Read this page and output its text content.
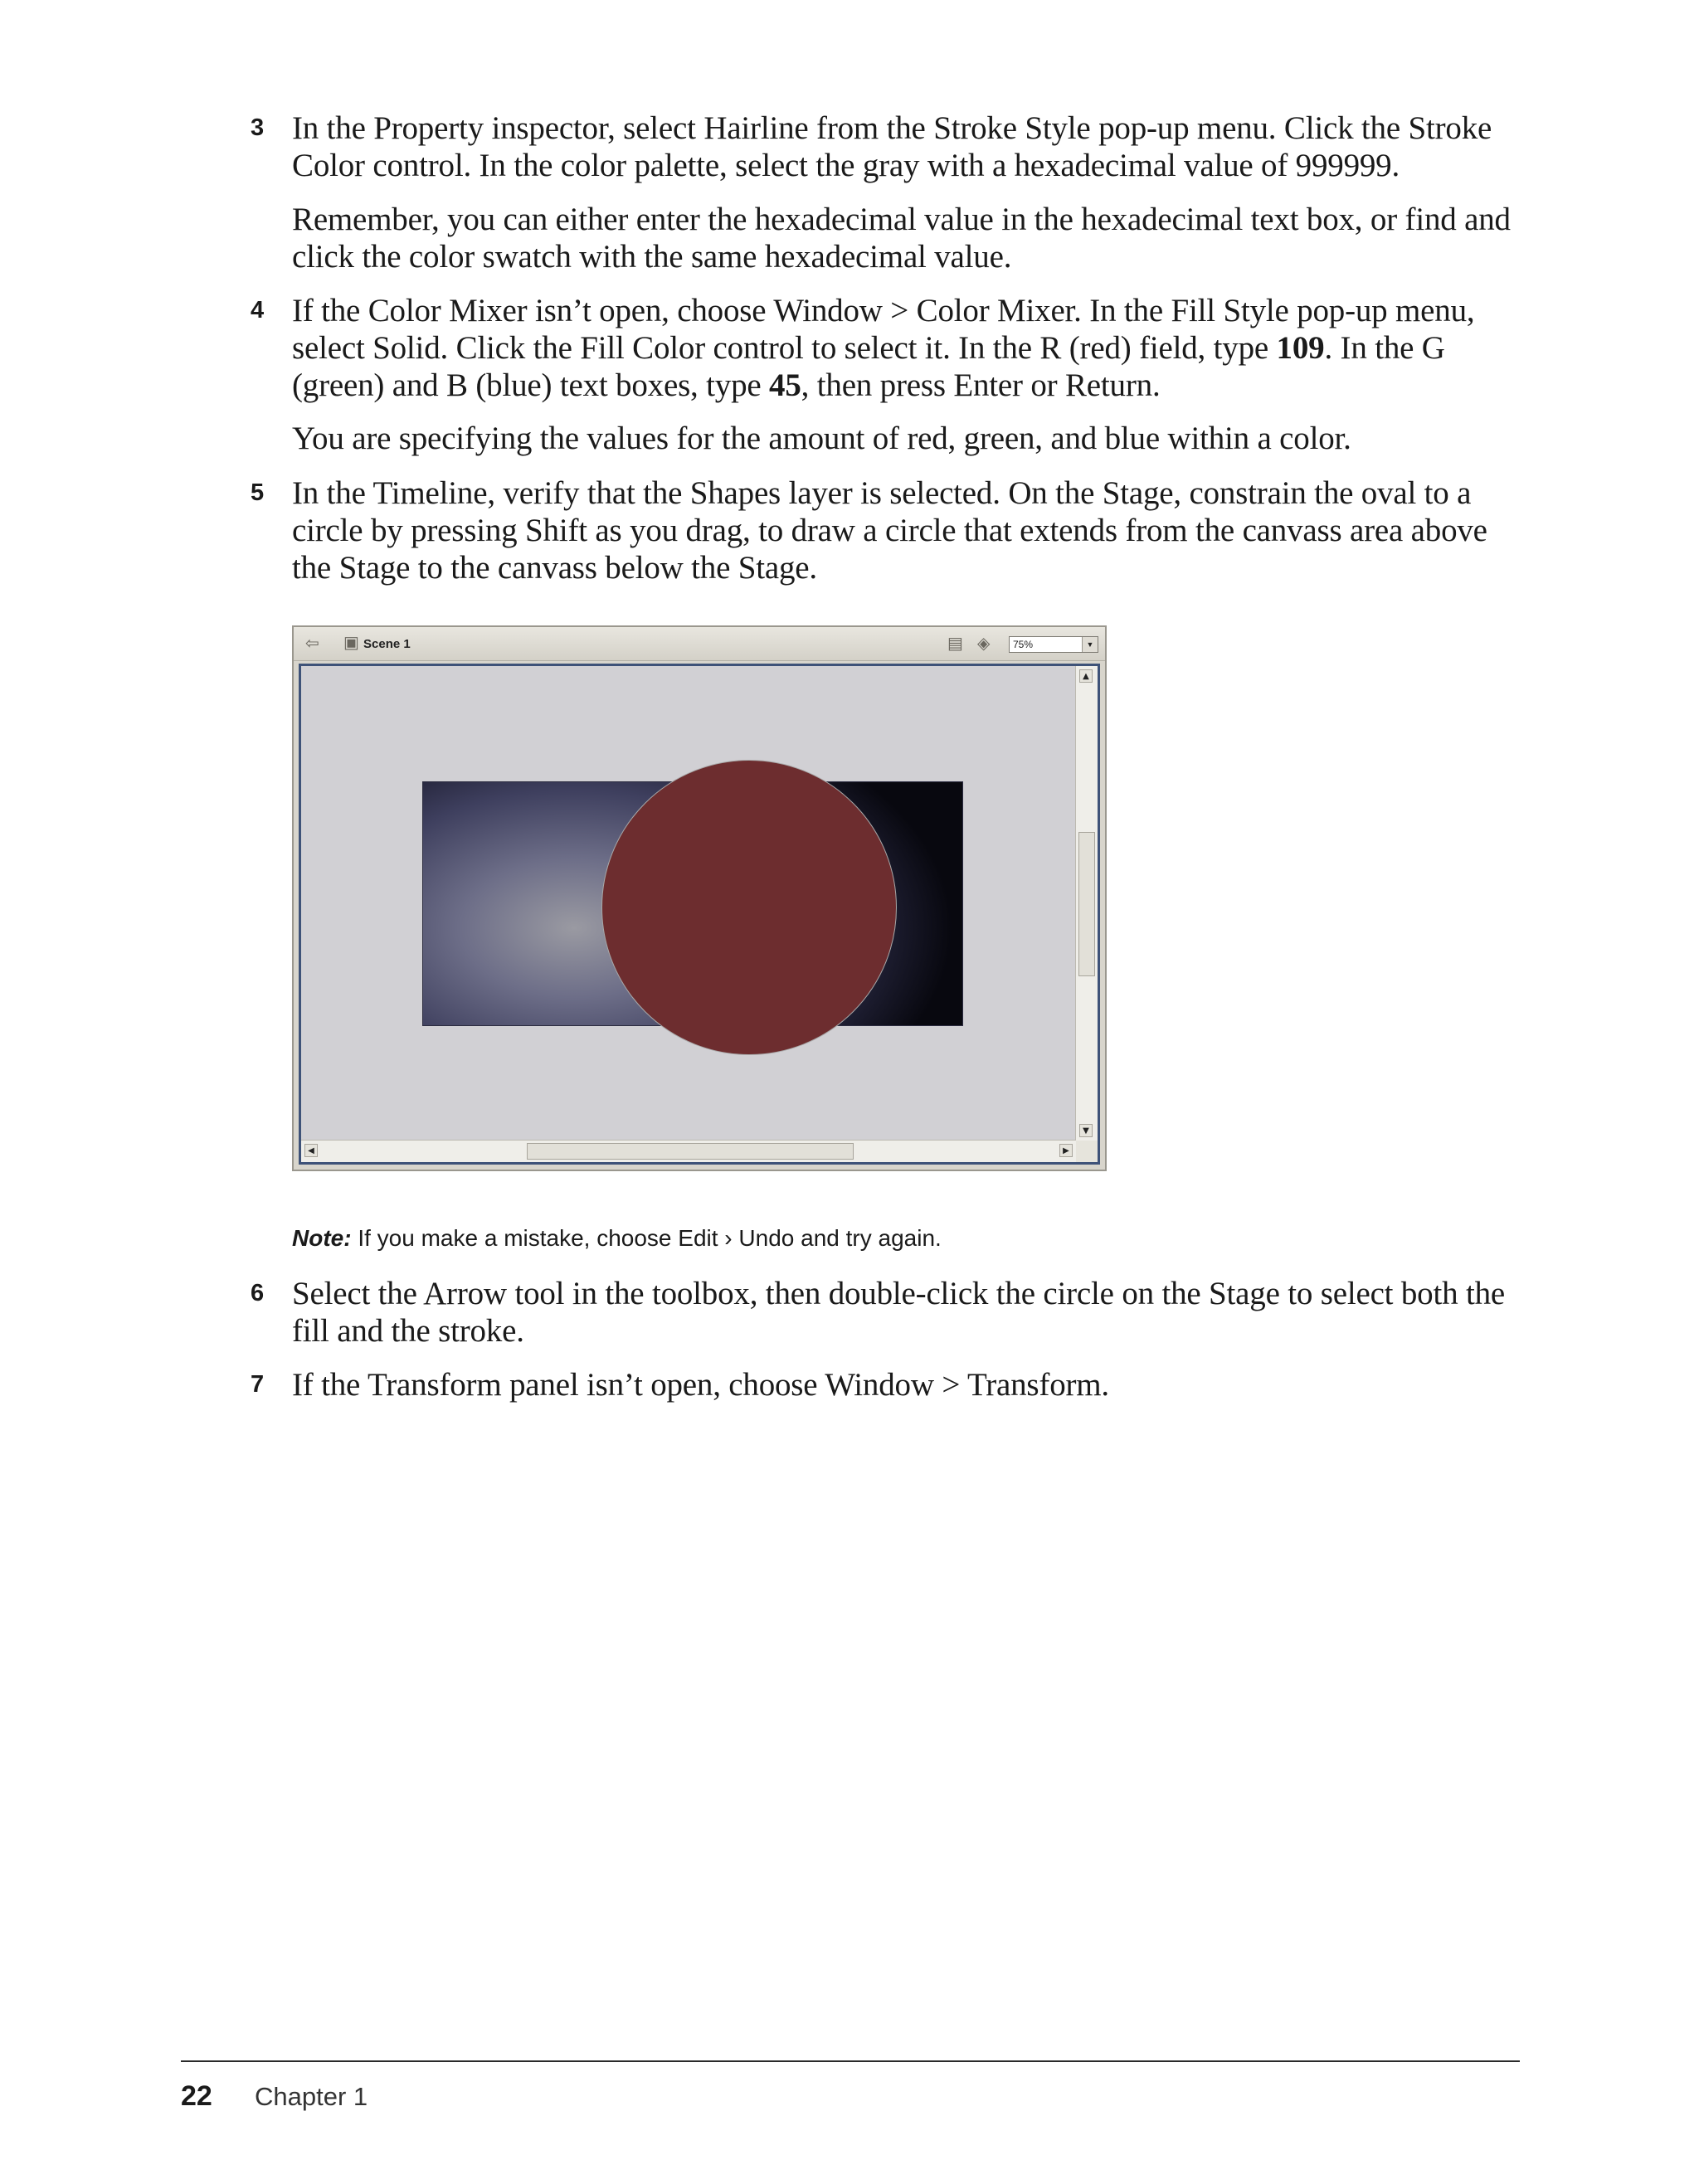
3 In the Property inspector, select Hairline from the Stroke Style pop-up menu. Click the Stroke Color control. In the color palette, select the gray with a hexadecimal value of 999999.
Remember, you can either enter the hexadecimal value in the hexadecimal text box, or find and click the color swatch with the same hexadecimal value.
4 If the Color Mixer isn’t open, choose Window > Color Mixer. In the Fill Style pop-up menu, select Solid. Click the Fill Color control to select it. In the R (red) field, type 109. In the G (green) and B (blue) text boxes, type 45, then press Enter or Return.
You are specifying the values for the amount of red, green, and blue within a color.
5 In the Timeline, verify that the Shapes layer is selected. On the Stage, constrain the oval to a circle by pressing Shift as you drag, to draw a circle that extends from the canvass area above the Stage to the canvass below the Stage.
⇦ ▣ Scene 1	▤ ◈	75%	▼
▲
▼
◀	▶
Note: If you make a mistake, choose Edit › Undo and try again.
6 Select the Arrow tool in the toolbox, then double-click the circle on the Stage to select both the fill and the stroke.
7 If the Transform panel isn’t open, choose Window > Transform.
22 Chapter 1
